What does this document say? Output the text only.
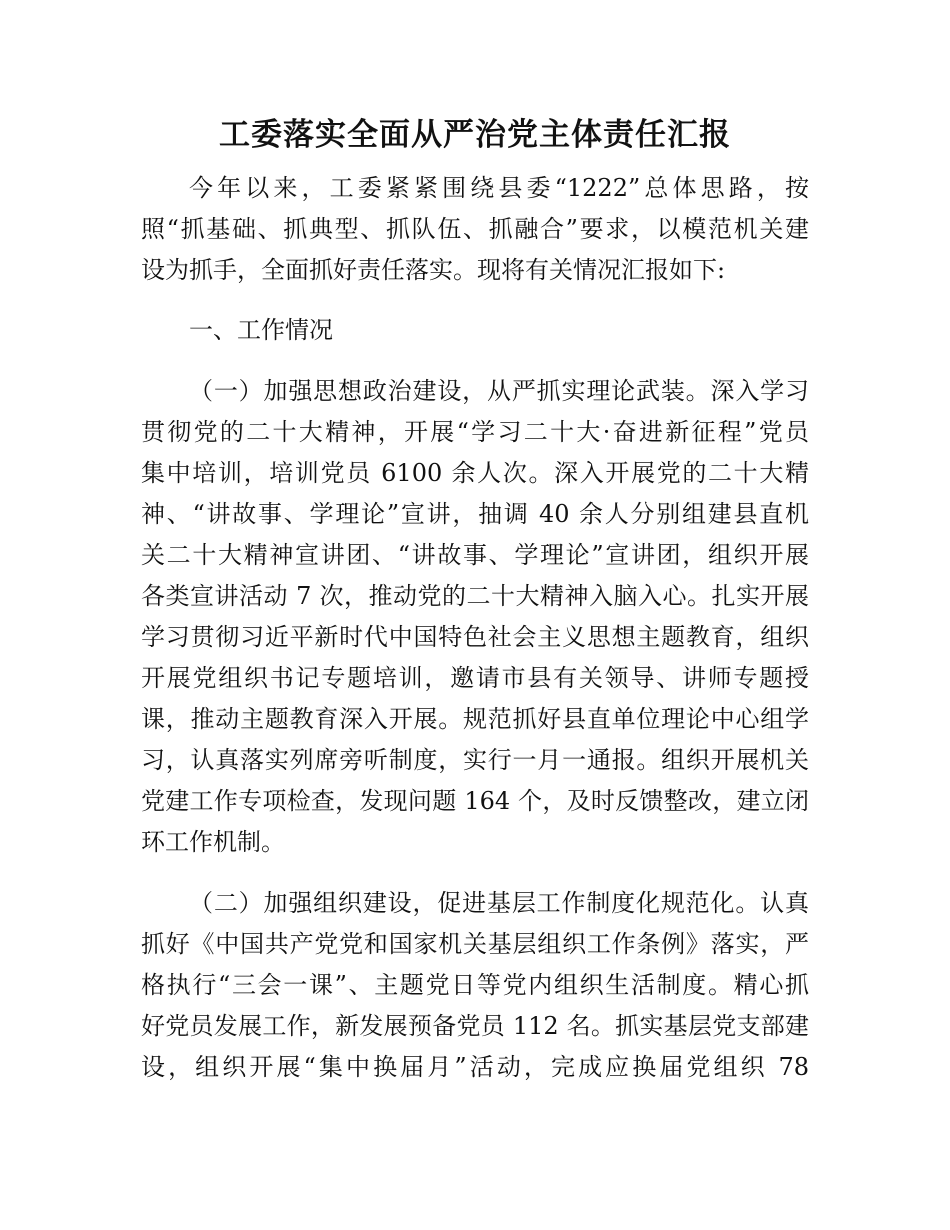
工委落实全面从严治党主体责任汇报
今年以来，工委紧紧围绕县委“1222”总体思路，按
照“抓基础、抓典型、抓队伍、抓融合”要求，以模范机关建
设为抓手，全面抓好责任落实。现将有关情况汇报如下:
一、工作情况
（一）加强思想政治建设，从严抓实理论武装。深入学习
贯彻党的二十大精神，开展“学习二十大·奋进新征程”党员
集中培训，培训党员 6100 余人次。深入开展党的二十大精
神、“讲故事、学理论”宣讲，抽调 40 余人分别组建县直机
关二十大精神宣讲团、“讲故事、学理论”宣讲团，组织开展
各类宣讲活动 7 次，推动党的二十大精神入脑入心。扎实开展
学习贯彻习近平新时代中国特色社会主义思想主题教育，组织
开展党组织书记专题培训，邀请市县有关领导、讲师专题授
课，推动主题教育深入开展。规范抓好县直单位理论中心组学
习，认真落实列席旁听制度，实行一月一通报。组织开展机关
党建工作专项检查，发现问题 164 个，及时反馈整改，建立闭
环工作机制。
（二）加强组织建设，促进基层工作制度化规范化。认真
抓好《中国共产党党和国家机关基层组织工作条例》落实，严
格执行“三会一课”、主题党日等党内组织生活制度。精心抓
好党员发展工作，新发展预备党员 112 名。抓实基层党支部建
设，组织开展“集中换届月”活动，完成应换届党组织 78
